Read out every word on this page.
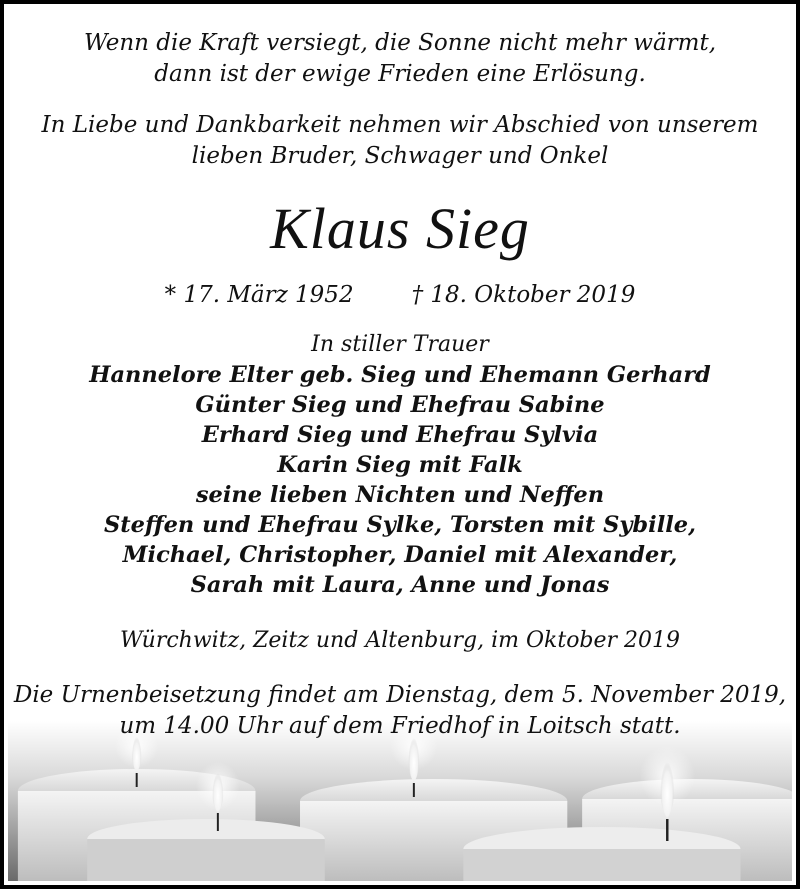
Wenn die Kraft versiegt, die Sonne nicht mehr wärmt,

dann ist der ewige Frieden eine Erlösung.

In Liebe und Dankbarkeit nehmen wir Abschied von unserem

lieben Bruder, Schwager und Onkel

Klaus Sieg
* 17. März 1952	† 18. Oktober 2019
In stiller Trauer

Hannelore Elter geb. Sieg und Ehemann Gerhard

Günter Sieg und Ehefrau Sabine

Erhard Sieg und Ehefrau Sylvia

Karin Sieg mit Falk

seine lieben Nichten und Neffen

Steffen und Ehefrau Sylke, Torsten mit Sybille,

Michael, Christopher, Daniel mit Alexander,

Sarah mit Laura, Anne und Jonas

Würchwitz, Zeitz und Altenburg, im Oktober 2019

Die Urnenbeisetzung findet am Dienstag, dem 5. November 2019,

um 14.00 Uhr auf dem Friedhof in Loitsch statt.
